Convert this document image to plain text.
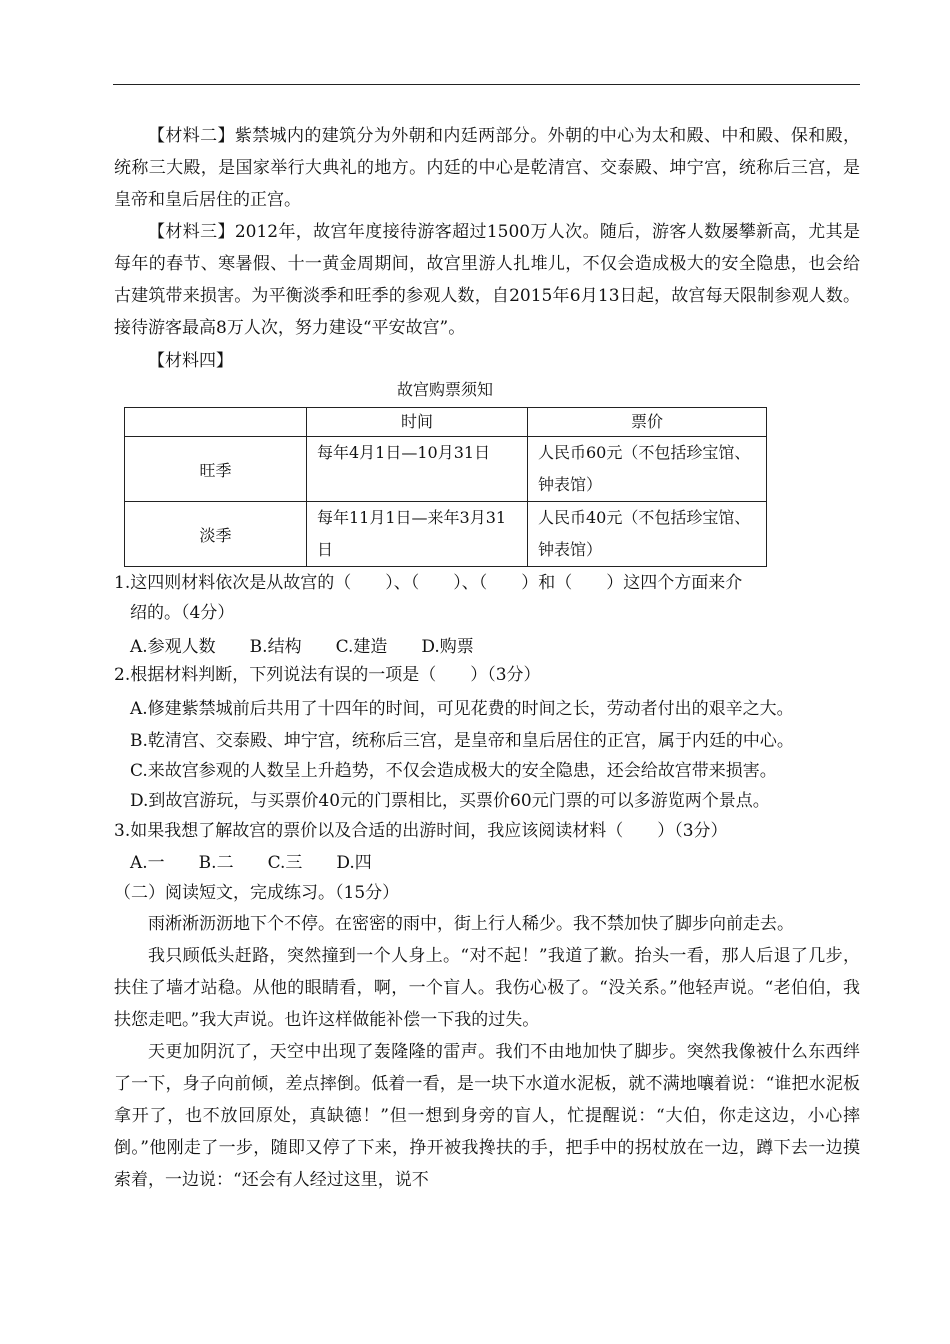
【材料二】紫禁城内的建筑分为外朝和内廷两部分。外朝的中心为太和殿、中和殿、保和殿，统称三大殿，是国家举行大典礼的地方。内廷的中心是乾清宫、交泰殿、坤宁宫，统称后三宫，是皇帝和皇后居住的正宫。

【材料三】2012年，故宫年度接待游客超过1500万人次。随后，游客人数屡攀新高，尤其是每年的春节、寒暑假、十一黄金周期间，故宫里游人扎堆儿，不仅会造成极大的安全隐患，也会给古建筑带来损害。为平衡淡季和旺季的参观人数，自2015年6月13日起，故宫每天限制参观人数。接待游客最高8万人次，努力建设“平安故宫”。

【材料四】
故宫购票须知
	时间	票价
旺季	每年4月1日—10月31日	人民币60元（不包括珍宝馆、钟表馆）
淡季	每年11月1日—来年3月31日	人民币40元（不包括珍宝馆、钟表馆）
1.这四则材料依次是从故宫的（　　）、（　　）、（　　）和（　　）这四个方面来介
绍的。（4分）
A.参观人数　　B.结构　　C.建造　　D.购票
2.根据材料判断，下列说法有误的一项是（　　）（3分）
A.修建紫禁城前后共用了十四年的时间，可见花费的时间之长，劳动者付出的艰辛之大。
B.乾清宫、交泰殿、坤宁宫，统称后三宫，是皇帝和皇后居住的正宫，属于内廷的中心。
C.来故宫参观的人数呈上升趋势，不仅会造成极大的安全隐患，还会给故宫带来损害。
D.到故宫游玩，与买票价40元的门票相比，买票价60元门票的可以多游览两个景点。
3.如果我想了解故宫的票价以及合适的出游时间，我应该阅读材料（　　）（3分）
A.一　　B.二　　C.三　　D.四
（二）阅读短文，完成练习。（15分）

雨淅淅沥沥地下个不停。在密密的雨中，街上行人稀少。我不禁加快了脚步向前走去。

我只顾低头赶路，突然撞到一个人身上。“对不起！”我道了歉。抬头一看，那人后退了几步，扶住了墙才站稳。从他的眼睛看，啊，一个盲人。我伤心极了。“没关系。”他轻声说。“老伯伯，我扶您走吧。”我大声说。也许这样做能补偿一下我的过失。

天更加阴沉了，天空中出现了轰隆隆的雷声。我们不由地加快了脚步。突然我像被什么东西绊了一下，身子向前倾，差点摔倒。低着一看，是一块下水道水泥板，就不满地嚷着说：“谁把水泥板拿开了，也不放回原处，真缺德！”但一想到身旁的盲人，忙提醒说：“大伯，你走这边，小心摔倒。”他刚走了一步，随即又停了下来，挣开被我搀扶的手，把手中的拐杖放在一边，蹲下去一边摸索着，一边说：“还会有人经过这里，说不
